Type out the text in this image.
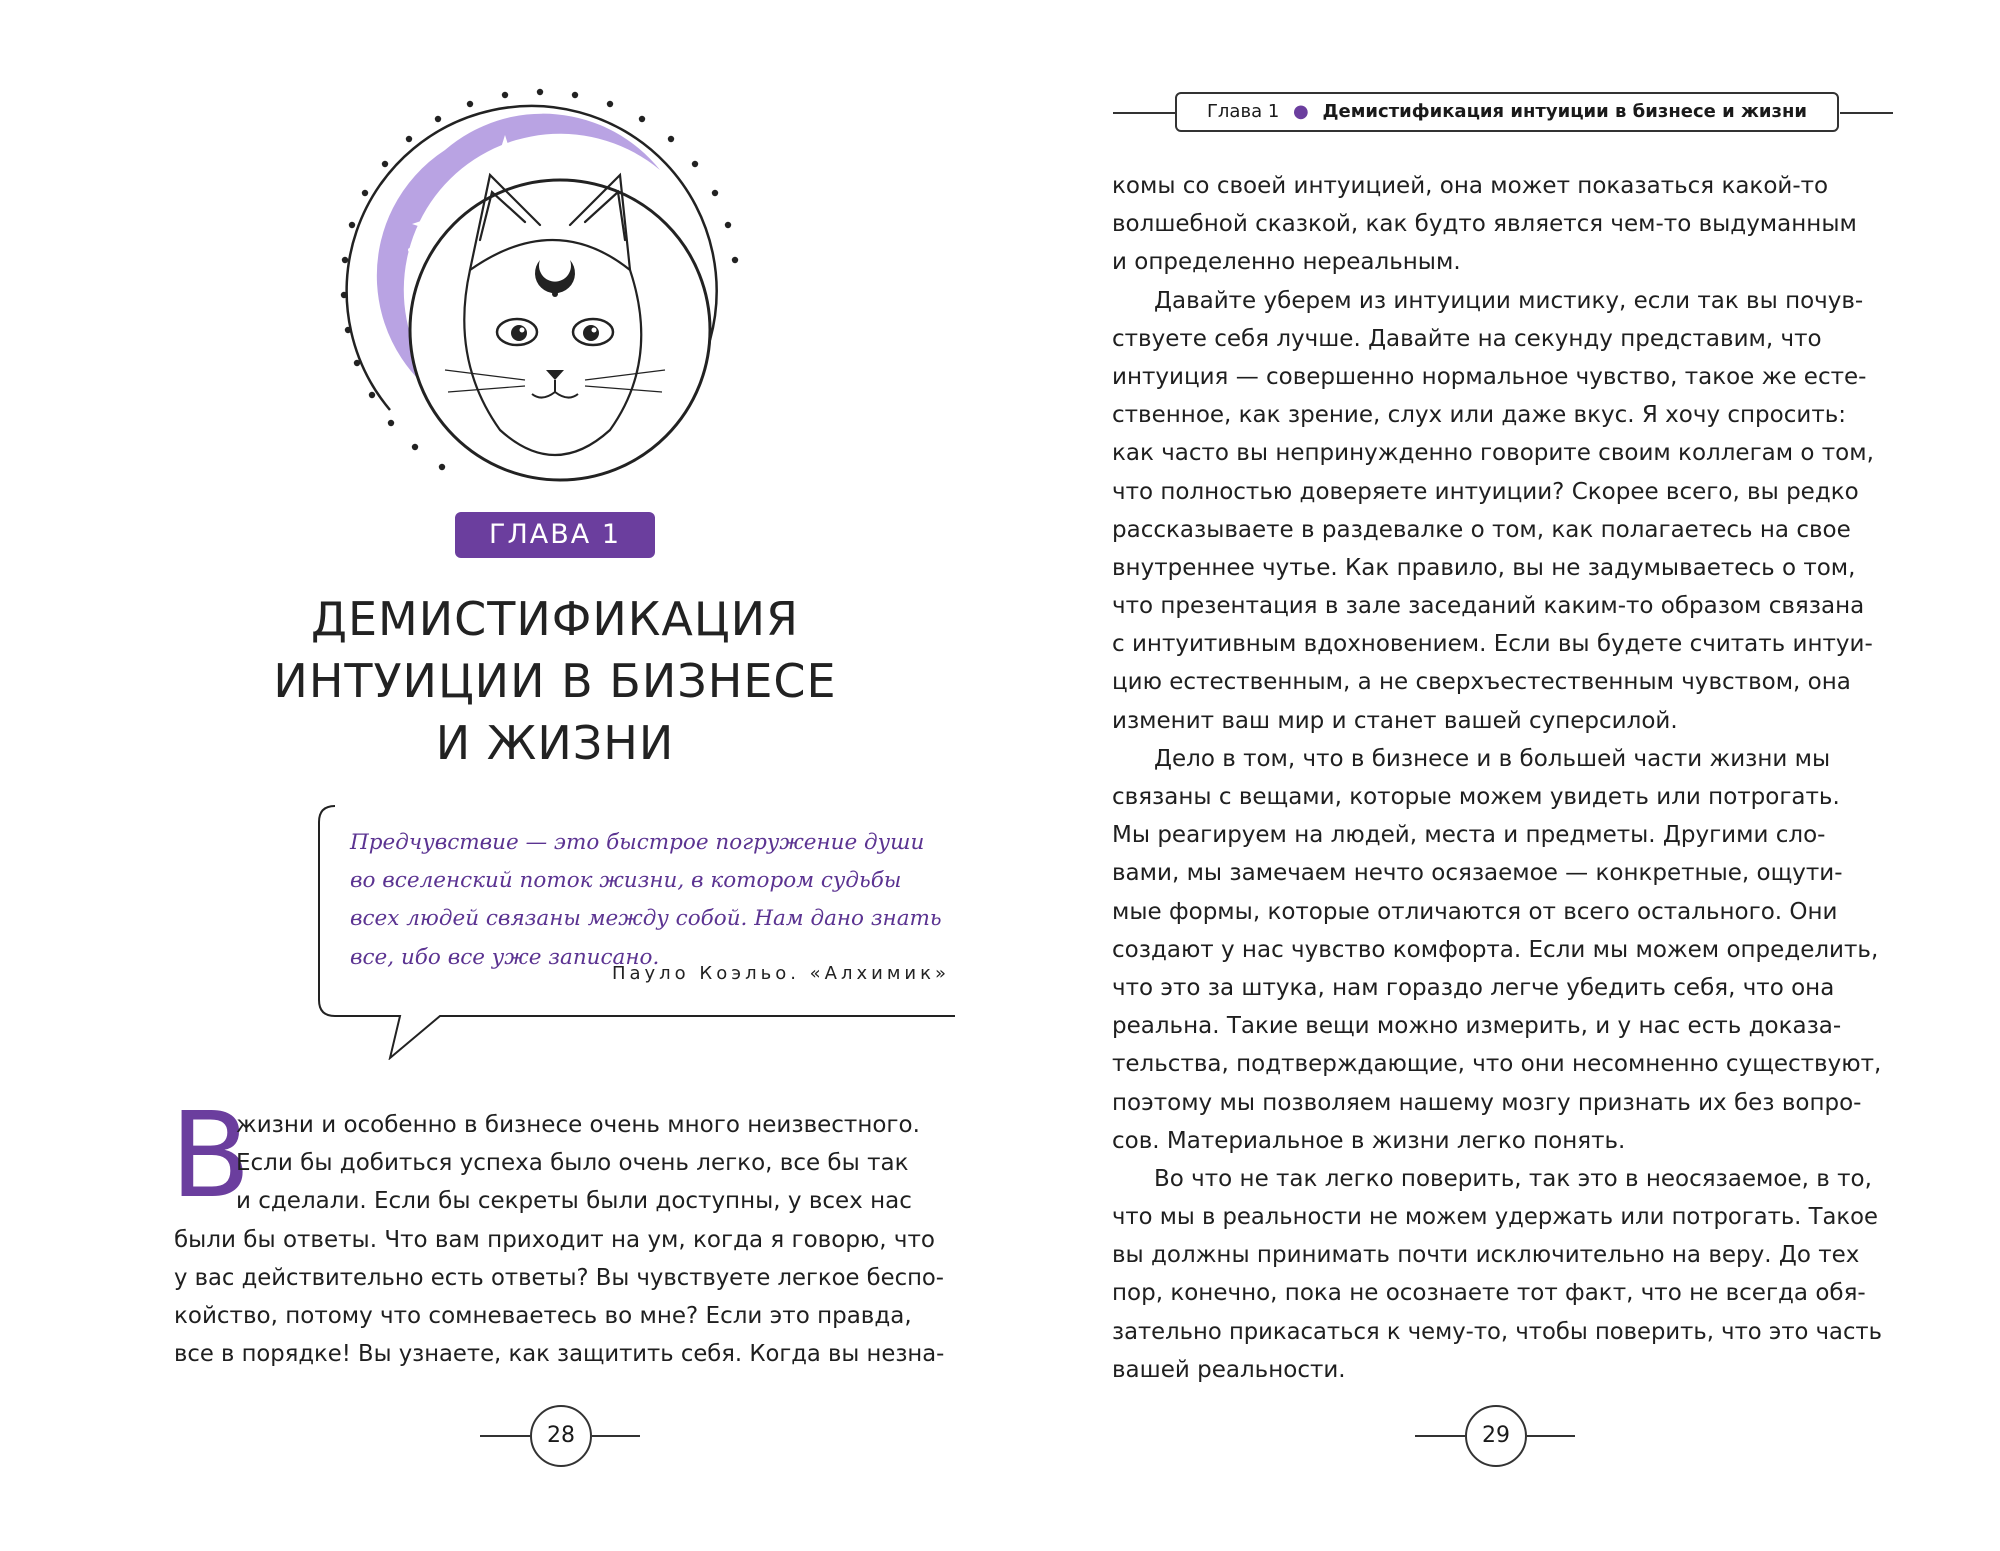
ГЛАВА 1
ДЕМИСТИФИКАЦИЯ
ИНТУИЦИИ В БИЗНЕСЕ
И ЖИЗНИ
Предчувствие — это быстрое погружение души
во вселенский поток жизни, в котором судьбы
всех людей связаны между собой. Нам дано знать
все, ибо все уже записано.
Пауло Коэльо. «Алхимик»
В
жизни и особенно в бизнесе очень много неизвестного.
Если бы добиться успеха было очень легко, все бы так
и сделали. Если бы секреты были доступны, у всех нас
были бы ответы. Что вам приходит на ум, когда я говорю, что
у вас действительно есть ответы? Вы чувствуете легкое беспо-
койство, потому что сомневаетесь во мне? Если это правда,
все в порядке! Вы узнаете, как защитить себя. Когда вы незна-
28
Глава 1 ● Демистификация интуиции в бизнесе и жизни
комы со своей интуицией, она может показаться какой-то
волшебной сказкой, как будто является чем-то выдуманным
и определенно нереальным.
Давайте уберем из интуиции мистику, если так вы почув-
ствуете себя лучше. Давайте на секунду представим, что
интуиция — совершенно нормальное чувство, такое же есте-
ственное, как зрение, слух или даже вкус. Я хочу спросить:
как часто вы непринужденно говорите своим коллегам о том,
что полностью доверяете интуиции? Скорее всего, вы редко
рассказываете в раздевалке о том, как полагаетесь на свое
внутреннее чутье. Как правило, вы не задумываетесь о том,
что презентация в зале заседаний каким-то образом связана
с интуитивным вдохновением. Если вы будете считать интуи-
цию естественным, а не сверхъестественным чувством, она
изменит ваш мир и станет вашей суперсилой.
Дело в том, что в бизнесе и в большей части жизни мы
связаны с вещами, которые можем увидеть или потрогать.
Мы реагируем на людей, места и предметы. Другими сло-
вами, мы замечаем нечто осязаемое — конкретные, ощути-
мые формы, которые отличаются от всего остального. Они
создают у нас чувство комфорта. Если мы можем определить,
что это за штука, нам гораздо легче убедить себя, что она
реальна. Такие вещи можно измерить, и у нас есть доказа-
тельства, подтверждающие, что они несомненно существуют,
поэтому мы позволяем нашему мозгу признать их без вопро-
сов. Материальное в жизни легко понять.
Во что не так легко поверить, так это в неосязаемое, в то,
что мы в реальности не можем удержать или потрогать. Такое
вы должны принимать почти исключительно на веру. До тех
пор, конечно, пока не осознаете тот факт, что не всегда обя-
зательно прикасаться к чему-то, чтобы поверить, что это часть
вашей реальности.
29
